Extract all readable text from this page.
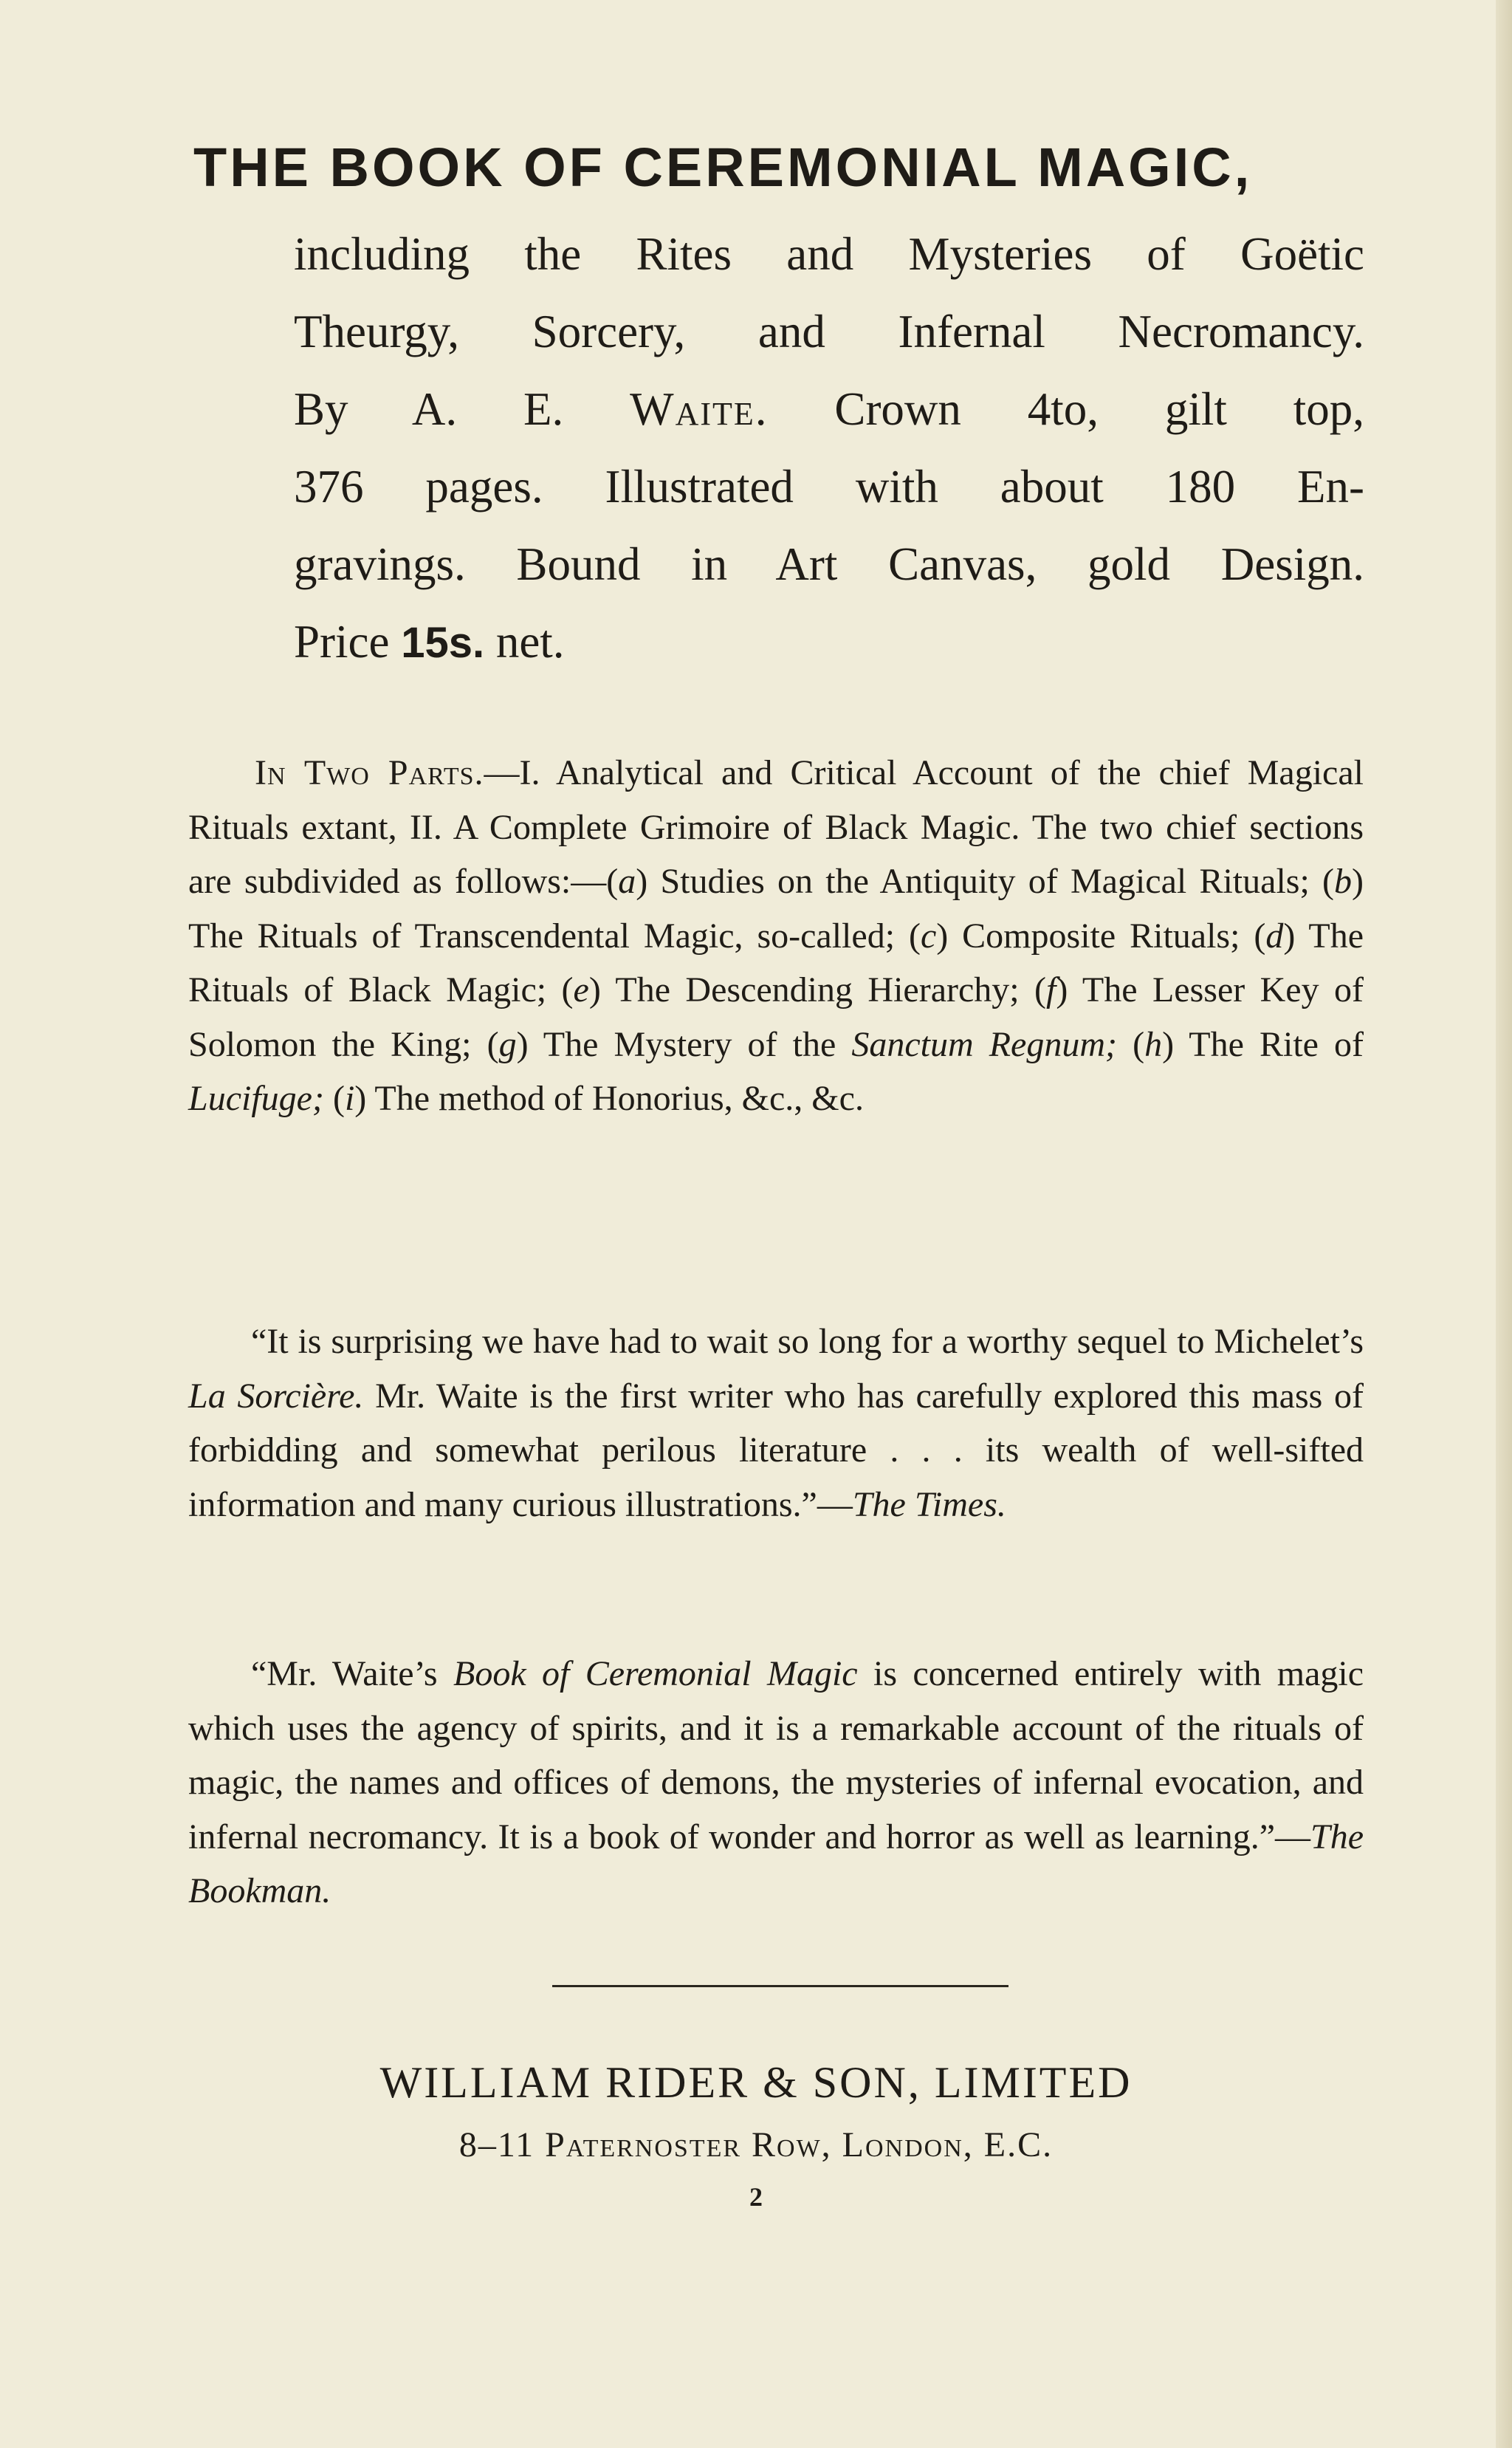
THE BOOK OF CEREMONIAL MAGIC,
including the Rites and Mysteries of Goëtic
Theurgy, Sorcery, and Infernal Necromancy.
By A. E. Waite. Crown 4to, gilt top,
376 pages. Illustrated with about 180 En-
gravings. Bound in Art Canvas, gold Design.
Price 15s. net.
In Two Parts.—I. Analytical and Critical Account of the chief Magical Rituals extant, II. A Complete Grimoire of Black Magic. The two chief sections are subdivided as follows:—(a) Studies on the Antiquity of Magical Rituals; (b) The Rituals of Transcendental Magic, so-called; (c) Composite Rituals; (d) The Rituals of Black Magic; (e) The Descending Hierarchy; (f) The Lesser Key of Solomon the King; (g) The Mystery of the Sanctum Regnum; (h) The Rite of Lucifuge; (i) The method of Honorius, &c., &c.
“It is surprising we have had to wait so long for a worthy sequel to Michelet’s La Sorcière. Mr. Waite is the first writer who has carefully explored this mass of forbidding and somewhat perilous literature . . . its wealth of well-sifted information and many curious illustrations.”—The Times.
“Mr. Waite’s Book of Ceremonial Magic is concerned entirely with magic which uses the agency of spirits, and it is a remarkable account of the rituals of magic, the names and offices of demons, the mysteries of infernal evocation, and infernal necromancy. It is a book of wonder and horror as well as learning.”—The Bookman.
WILLIAM RIDER & SON, LIMITED
8–11 Paternoster Row, London, E.C.
2
